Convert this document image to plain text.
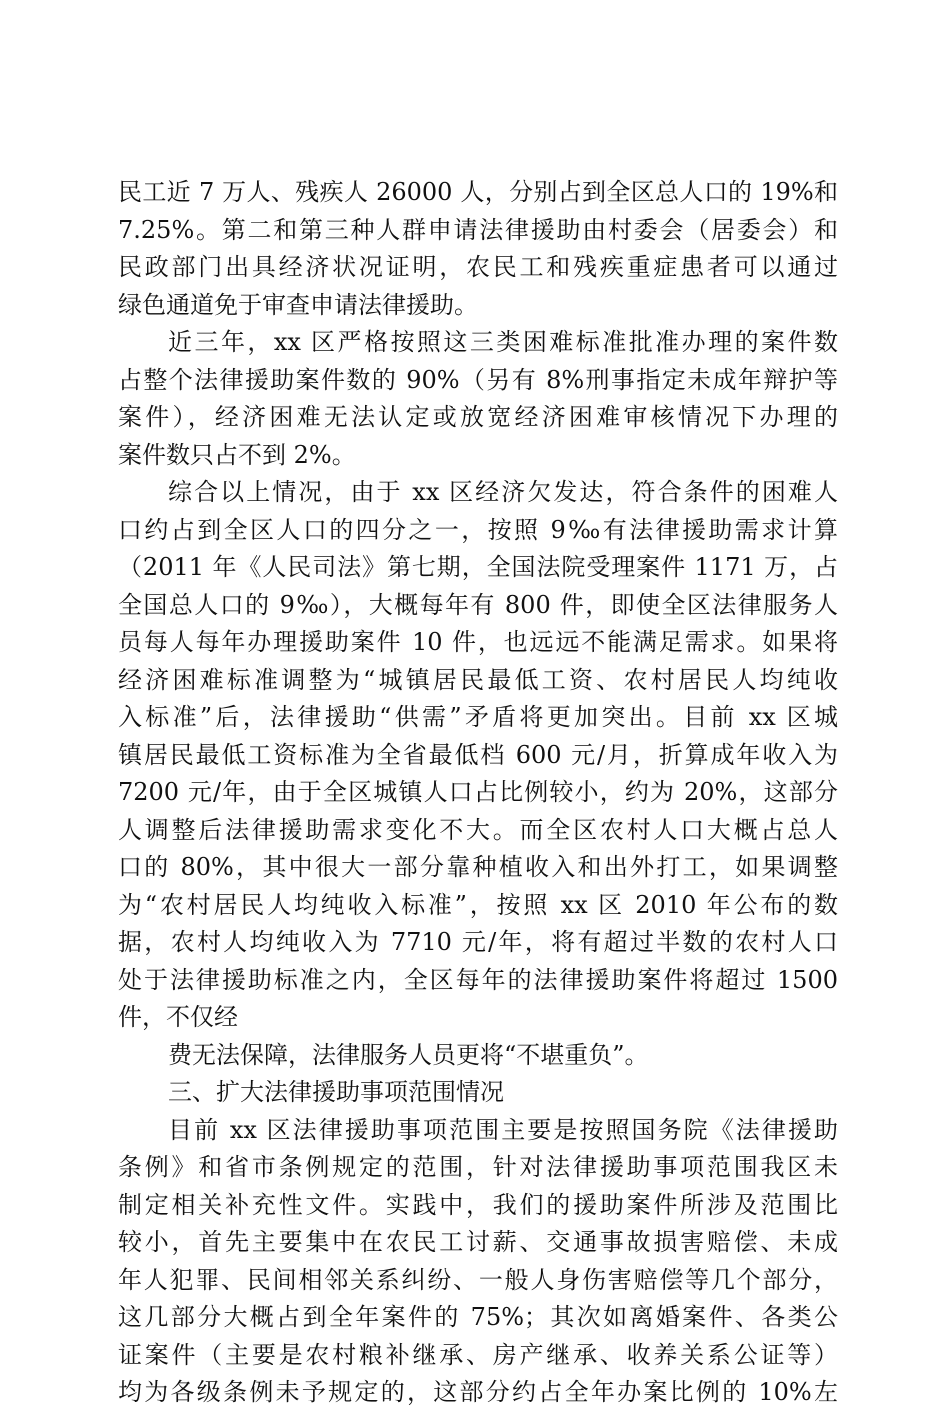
民工近 7 万人、残疾人 26000 人，分别占到全区总人口的 19%和
7.25%。第二和第三种人群申请法律援助由村委会（居委会）和
民政部门出具经济状况证明，农民工和残疾重症患者可以通过
绿色通道免于审查申请法律援助。
近三年，xx 区严格按照这三类困难标准批准办理的案件数
占整个法律援助案件数的 90%（另有 8%刑事指定未成年辩护等
案件），经济困难无法认定或放宽经济困难审核情况下办理的
案件数只占不到 2%。
综合以上情况，由于 xx 区经济欠发达，符合条件的困难人
口约占到全区人口的四分之一，按照 9‰有法律援助需求计算
（2011 年《人民司法》第七期，全国法院受理案件 1171 万，占
全国总人口的 9‰），大概每年有 800 件，即使全区法律服务人
员每人每年办理援助案件 10 件，也远远不能满足需求。如果将
经济困难标准调整为“城镇居民最低工资、农村居民人均纯收
入标准”后，法律援助“供需”矛盾将更加突出。目前 xx 区城
镇居民最低工资标准为全省最低档 600 元/月，折算成年收入为
7200 元/年，由于全区城镇人口占比例较小，约为 20%，这部分
人调整后法律援助需求变化不大。而全区农村人口大概占总人
口的 80%，其中很大一部分靠种植收入和出外打工，如果调整
为“农村居民人均纯收入标准”，按照 xx 区 2010 年公布的数
据，农村人均纯收入为 7710 元/年，将有超过半数的农村人口
处于法律援助标准之内，全区每年的法律援助案件将超过 1500
件，不仅经
费无法保障，法律服务人员更将“不堪重负”。
三、扩大法律援助事项范围情况
目前 xx 区法律援助事项范围主要是按照国务院《法律援助
条例》和省市条例规定的范围，针对法律援助事项范围我区未
制定相关补充性文件。实践中，我们的援助案件所涉及范围比
较小，首先主要集中在农民工讨薪、交通事故损害赔偿、未成
年人犯罪、民间相邻关系纠纷、一般人身伤害赔偿等几个部分，
这几部分大概占到全年案件的 75%；其次如离婚案件、各类公
证案件（主要是农村粮补继承、房产继承、收养关系公证等）
均为各级条例未予规定的，这部分约占全年办案比例的 10%左
